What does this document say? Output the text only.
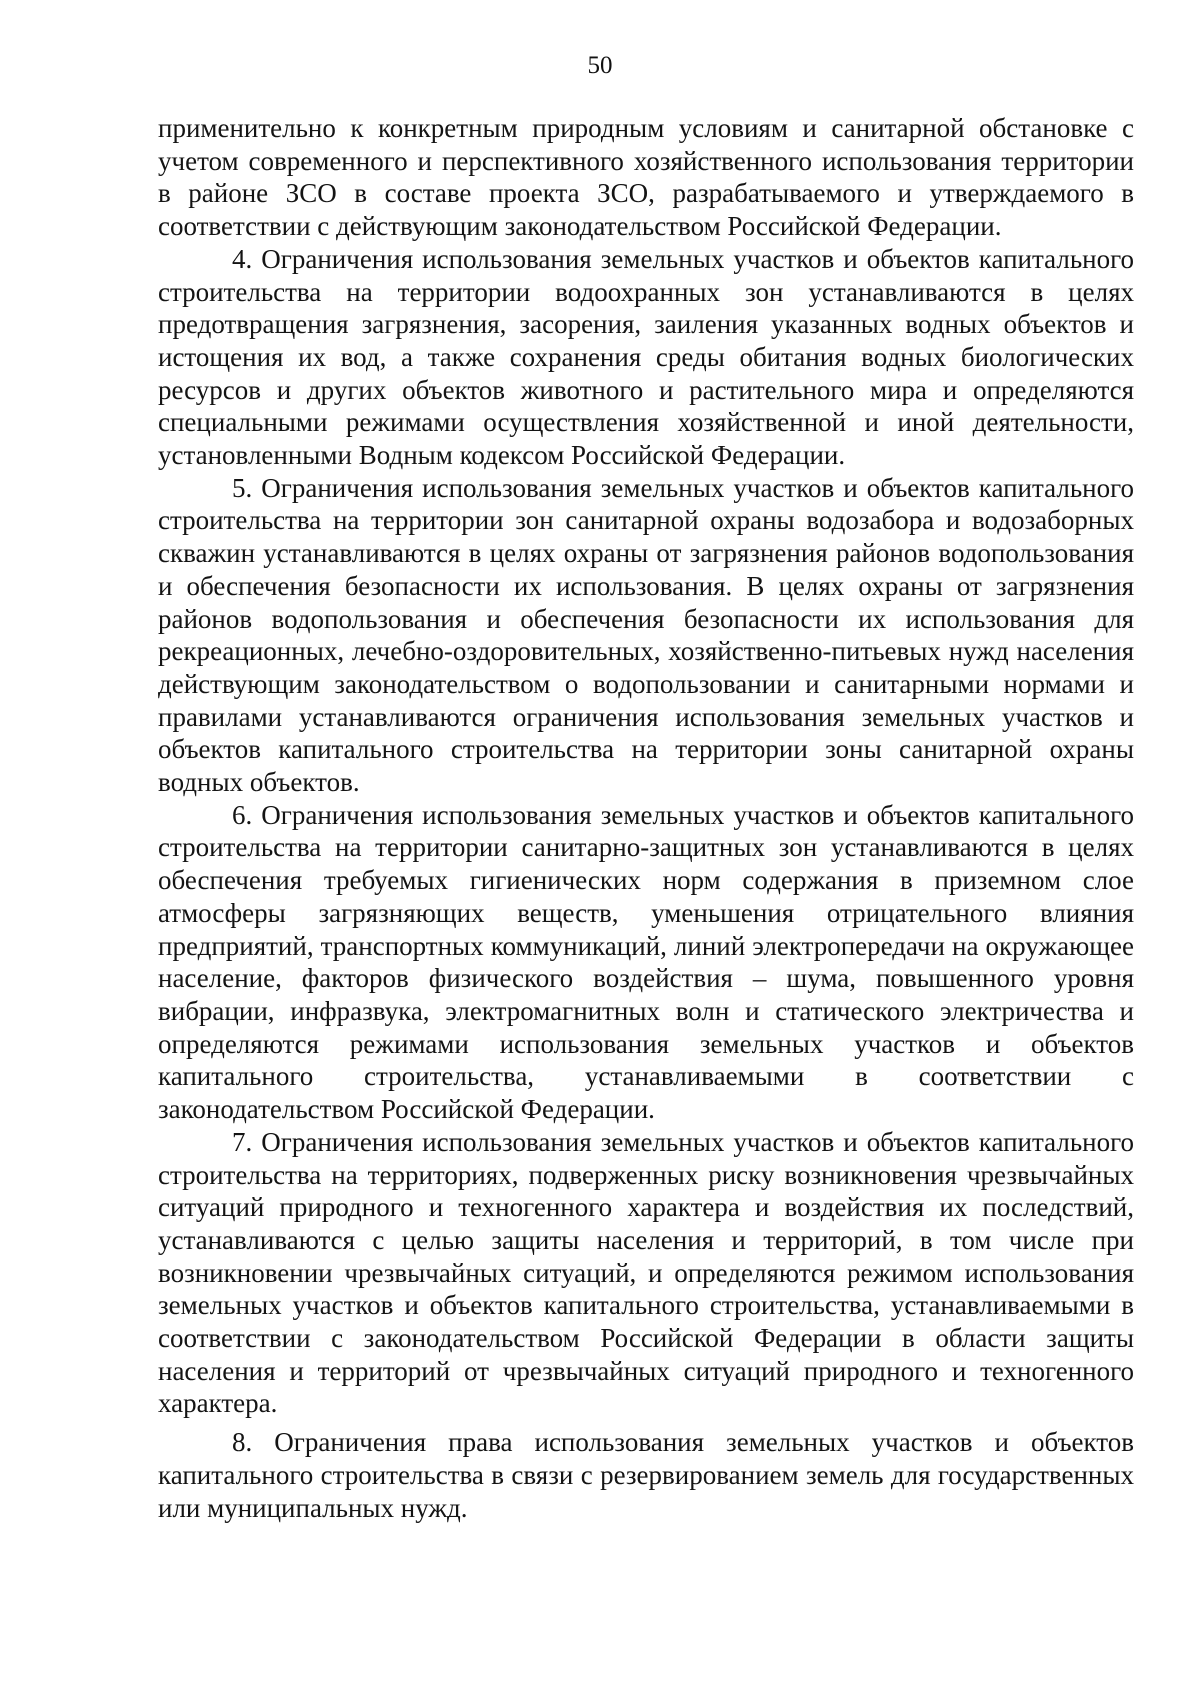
50

применительно к конкретным природным условиям и санитарной обстановке с учетом современного и перспективного хозяйственного использования территории в районе ЗСО в составе проекта ЗСО, разрабатываемого и утверждаемого в соответствии с действующим законодательством Российской Федерации.

4. Ограничения использования земельных участков и объектов капитального строительства на территории водоохранных зон устанавливаются в целях предотвращения загрязнения, засорения, заиления указанных водных объектов и истощения их вод, а также сохранения среды обитания водных биологических ресурсов и других объектов животного и растительного мира и определяются специальными режимами осуществления хозяйственной и иной деятельности, установленными Водным кодексом Российской Федерации.

5. Ограничения использования земельных участков и объектов капитального строительства на территории зон санитарной охраны водозабора и водозаборных скважин устанавливаются в целях охраны от загрязнения районов водопользования и обеспечения безопасности их использования. В целях охраны от загрязнения районов водопользования и обеспечения безопасности их использования для рекреационных, лечебно-оздоровительных, хозяйственно-питьевых нужд населения действующим законодательством о водопользовании и санитарными нормами и правилами устанавливаются ограничения использования земельных участков и объектов капитального строительства на территории зоны санитарной охраны водных объектов.

6. Ограничения использования земельных участков и объектов капитального строительства на территории санитарно-защитных зон устанавливаются в целях обеспечения требуемых гигиенических норм содержания в приземном слое атмосферы загрязняющих веществ, уменьшения отрицательного влияния предприятий, транспортных коммуникаций, линий электропередачи на окружающее население, факторов физического воздействия – шума, повышенного уровня вибрации, инфразвука, электромагнитных волн и статического электричества и определяются режимами использования земельных участков и объектов капитального строительства, устанавливаемыми в соответствии с законодательством Российской Федерации.

7. Ограничения использования земельных участков и объектов капитального строительства на территориях, подверженных риску возникновения чрезвычайных ситуаций природного и техногенного характера и воздействия их последствий, устанавливаются с целью защиты населения и территорий, в том числе при возникновении чрезвычайных ситуаций, и определяются режимом использования земельных участков и объектов капитального строительства, устанавливаемыми в соответствии с законодательством Российской Федерации в области защиты населения и территорий от чрезвычайных ситуаций природного и техногенного характера.

8. Ограничения права использования земельных участков и объектов капитального строительства в связи с резервированием земель для государственных или муниципальных нужд.
